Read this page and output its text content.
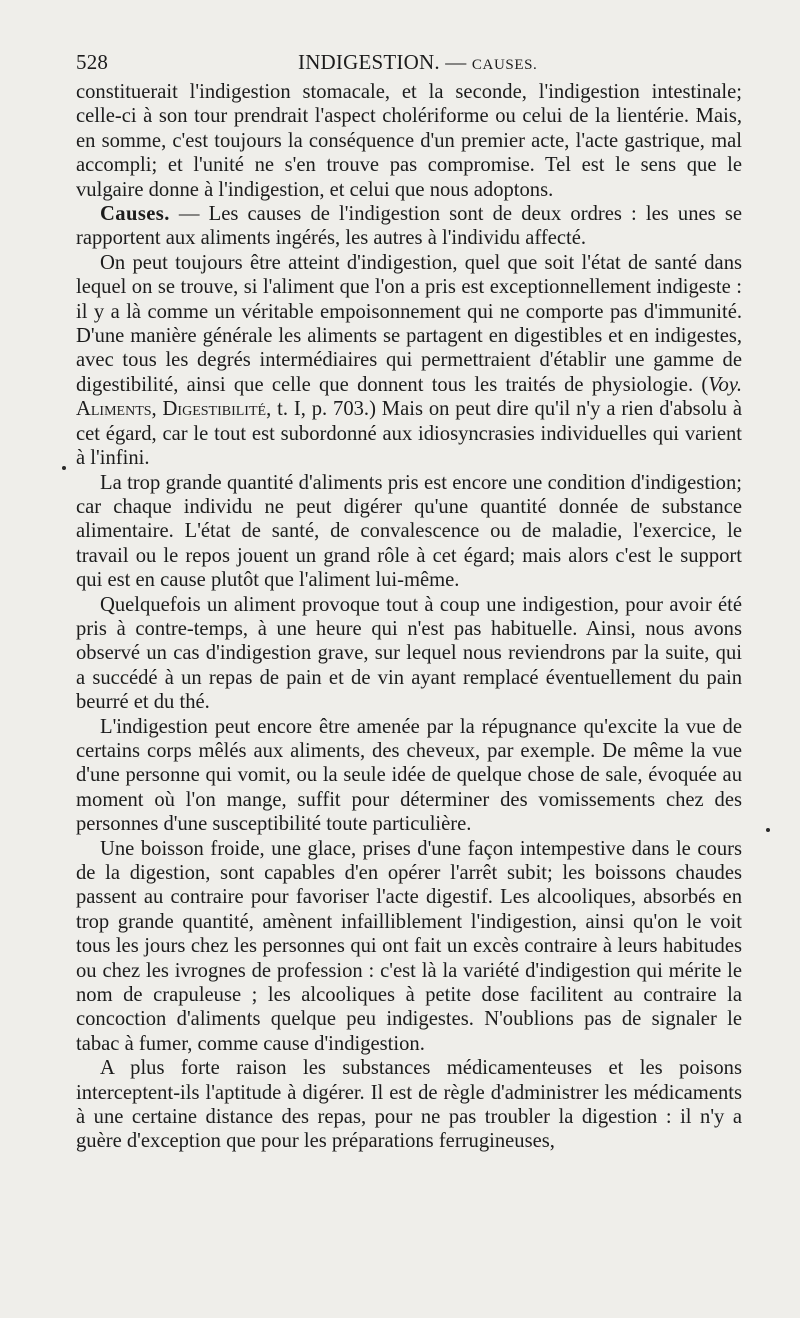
528	INDIGESTION. — CAUSES.

constituerait l'indigestion stomacale, et la seconde, l'indigestion intestinale; celle-ci à son tour prendrait l'aspect cholériforme ou celui de la lientérie. Mais, en somme, c'est toujours la conséquence d'un premier acte, l'acte gastrique, mal accompli; et l'unité ne s'en trouve pas compromise. Tel est le sens que le vulgaire donne à l'indigestion, et celui que nous adoptons.

Causes. — Les causes de l'indigestion sont de deux ordres : les unes se rapportent aux aliments ingérés, les autres à l'individu affecté.

On peut toujours être atteint d'indigestion, quel que soit l'état de santé dans lequel on se trouve, si l'aliment que l'on a pris est exceptionnellement indigeste : il y a là comme un véritable empoisonnement qui ne comporte pas d'immunité. D'une manière générale les aliments se partagent en digestibles et en indigestes, avec tous les degrés intermédiaires qui permettraient d'établir une gamme de digestibilité, ainsi que celle que donnent tous les traités de physiologie. (Voy. Aliments, Digestibilité, t. I, p. 703.) Mais on peut dire qu'il n'y a rien d'absolu à cet égard, car le tout est subordonné aux idiosyncrasies individuelles qui varient à l'infini.

La trop grande quantité d'aliments pris est encore une condition d'indigestion; car chaque individu ne peut digérer qu'une quantité donnée de substance alimentaire. L'état de santé, de convalescence ou de maladie, l'exercice, le travail ou le repos jouent un grand rôle à cet égard; mais alors c'est le support qui est en cause plutôt que l'aliment lui-même.

Quelquefois un aliment provoque tout à coup une indigestion, pour avoir été pris à contre-temps, à une heure qui n'est pas habituelle. Ainsi, nous avons observé un cas d'indigestion grave, sur lequel nous reviendrons par la suite, qui a succédé à un repas de pain et de vin ayant remplacé éventuellement du pain beurré et du thé.

L'indigestion peut encore être amenée par la répugnance qu'excite la vue de certains corps mêlés aux aliments, des cheveux, par exemple. De même la vue d'une personne qui vomit, ou la seule idée de quelque chose de sale, évoquée au moment où l'on mange, suffit pour déterminer des vomissements chez des personnes d'une susceptibilité toute particulière.

Une boisson froide, une glace, prises d'une façon intempestive dans le cours de la digestion, sont capables d'en opérer l'arrêt subit; les boissons chaudes passent au contraire pour favoriser l'acte digestif. Les alcooliques, absorbés en trop grande quantité, amènent infailliblement l'indigestion, ainsi qu'on le voit tous les jours chez les personnes qui ont fait un excès contraire à leurs habitudes ou chez les ivrognes de profession : c'est là la variété d'indigestion qui mérite le nom de crapuleuse ; les alcooliques à petite dose facilitent au contraire la concoction d'aliments quelque peu indigestes. N'oublions pas de signaler le tabac à fumer, comme cause d'indigestion.

A plus forte raison les substances médicamenteuses et les poisons interceptent-ils l'aptitude à digérer. Il est de règle d'administrer les médicaments à une certaine distance des repas, pour ne pas troubler la digestion : il n'y a guère d'exception que pour les préparations ferrugineuses,
